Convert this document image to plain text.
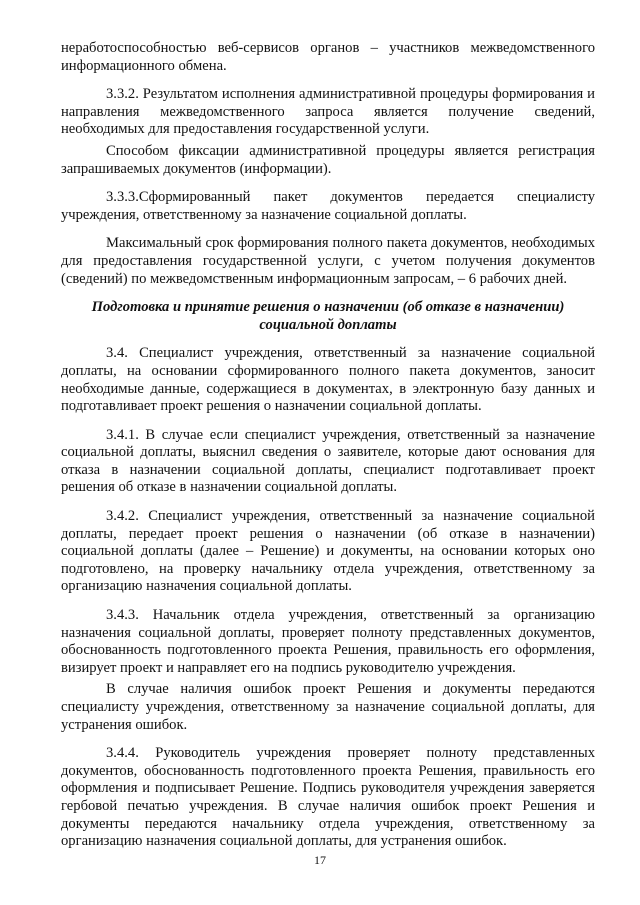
неработоспособностью веб-сервисов органов – участников межведомственного информационного обмена.

3.3.2. Результатом исполнения административной процедуры формирования и направления межведомственного запроса является получение сведений, необходимых для предоставления государственной услуги.

Способом фиксации административной процедуры является регистрация запрашиваемых документов (информации).

3.3.3.Сформированный пакет документов передается специалисту учреждения, ответственному за назначение социальной доплаты.

Максимальный срок формирования полного пакета документов, необходимых для предоставления государственной услуги, с учетом получения документов (сведений) по межведомственным информационным запросам, – 6 рабочих дней.

Подготовка и принятие решения о назначении (об отказе в назначении) социальной доплаты

3.4. Специалист учреждения, ответственный за назначение социальной доплаты, на основании сформированного полного пакета документов, заносит необходимые данные, содержащиеся в документах, в электронную базу данных и подготавливает проект решения о назначении социальной доплаты.

3.4.1. В случае если специалист учреждения, ответственный за назначение социальной доплаты, выяснил сведения о заявителе, которые дают основания для отказа в назначении социальной доплаты, специалист подготавливает проект решения об отказе в назначении социальной доплаты.

3.4.2. Специалист учреждения, ответственный за назначение социальной доплаты, передает проект решения о назначении (об отказе в назначении) социальной доплаты (далее – Решение) и документы, на основании которых оно подготовлено, на проверку начальнику отдела учреждения, ответственному за организацию назначения социальной доплаты.

3.4.3. Начальник отдела учреждения, ответственный за организацию назначения социальной доплаты, проверяет полноту представленных документов, обоснованность подготовленного проекта Решения, правильность его оформления, визирует проект и направляет его на подпись руководителю учреждения.

В случае наличия ошибок проект Решения и документы передаются специалисту учреждения, ответственному за назначение социальной доплаты, для устранения ошибок.

3.4.4. Руководитель учреждения проверяет полноту представленных документов, обоснованность подготовленного проекта Решения, правильность его оформления и подписывает Решение. Подпись руководителя учреждения заверяется гербовой печатью учреждения. В случае наличия ошибок проект Решения и документы передаются начальнику отдела учреждения, ответственному за организацию назначения социальной доплаты, для устранения ошибок.

17
